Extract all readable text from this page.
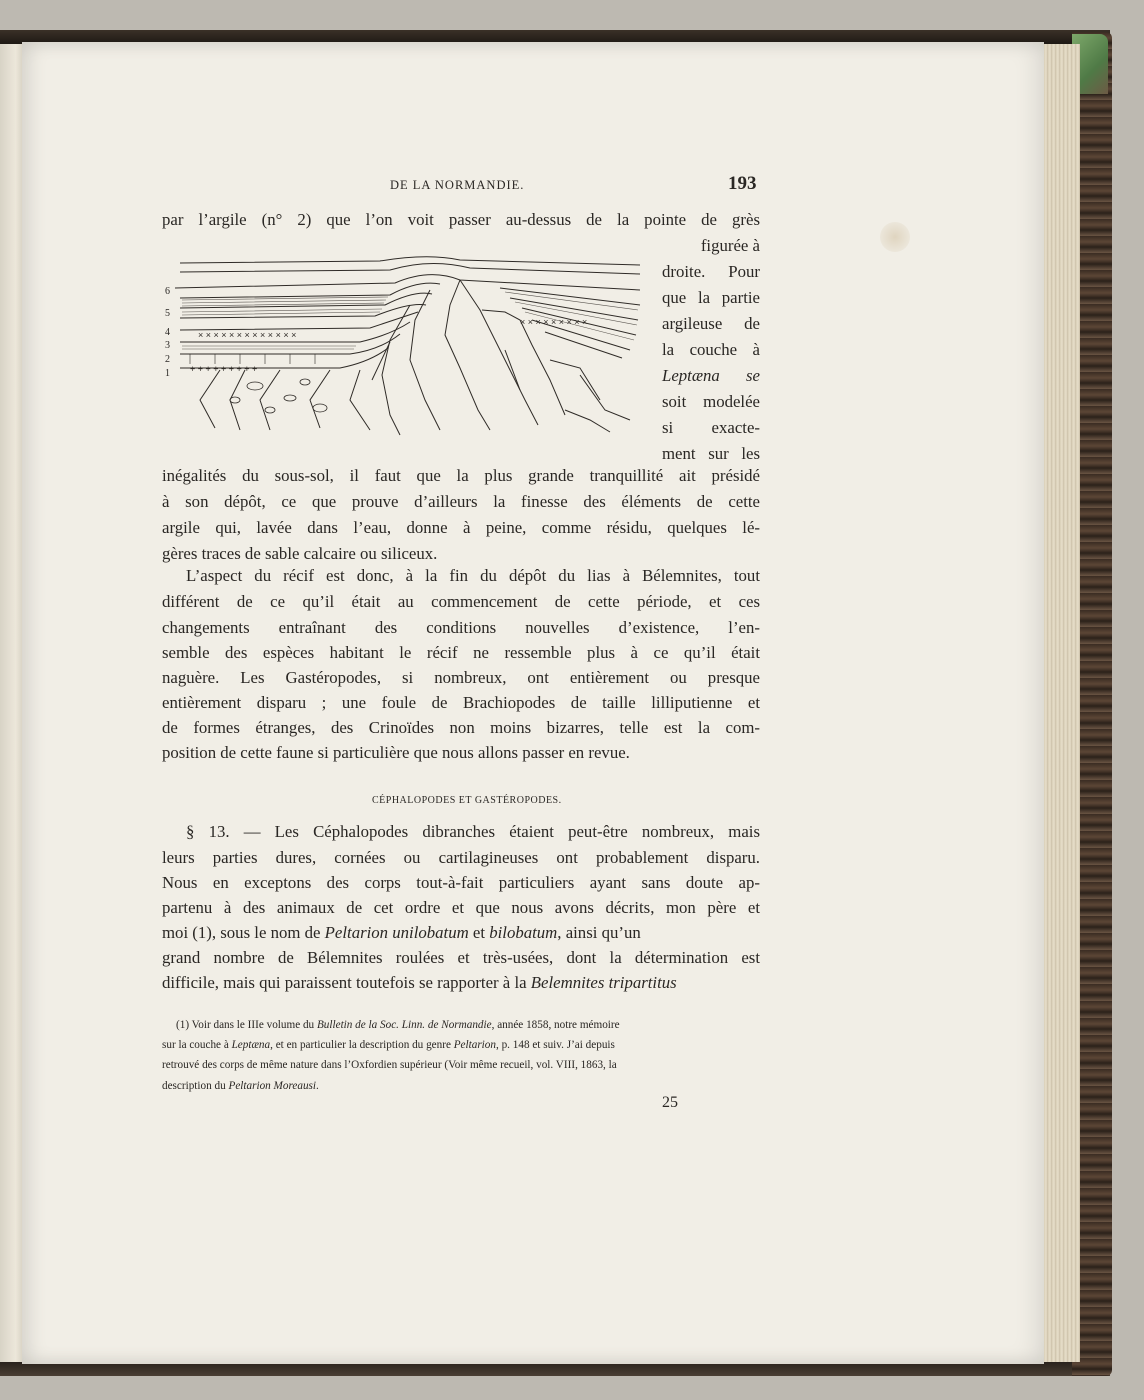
DE LA NORMANDIE.	193
par l’argile (n° 2) que l’on voit passer au-dessus de la pointe de grès
× × × × × × × × × × × × ×
× × × × × × × × ×
+ + + + + + + + +
6
5
4
3
2
1
figurée à
droite. Pour
que la partie
argileuse de
la couche à
Leptæna se
soit modelée
si exacte-
ment sur les
inégalités du sous-sol, il faut que la plus grande tranquillité ait présidé
à son dépôt, ce que prouve d’ailleurs la finesse des éléments de cette
argile qui, lavée dans l’eau, donne à peine, comme résidu, quelques lé-
gères traces de sable calcaire ou siliceux.
L’aspect du récif est donc, à la fin du dépôt du lias à Bélemnites, tout
différent de ce qu’il était au commencement de cette période, et ces
changements entraînant des conditions nouvelles d’existence, l’en-
semble des espèces habitant le récif ne ressemble plus à ce qu’il était
naguère. Les Gastéropodes, si nombreux, ont entièrement ou presque
entièrement disparu ; une foule de Brachiopodes de taille lilliputienne et
de formes étranges, des Crinoïdes non moins bizarres, telle est la com-
position de cette faune si particulière que nous allons passer en revue.
CÉPHALOPODES ET GASTÉROPODES.
§ 13. — Les Céphalopodes dibranches étaient peut-être nombreux, mais
leurs parties dures, cornées ou cartilagineuses ont probablement disparu.
Nous en exceptons des corps tout-à-fait particuliers ayant sans doute ap-
partenu à des animaux de cet ordre et que nous avons décrits, mon père et
moi (1), sous le nom de Peltarion unilobatum et bilobatum, ainsi qu’un
grand nombre de Bélemnites roulées et très-usées, dont la détermination est
difficile, mais qui paraissent toutefois se rapporter à la Belemnites tripartitus
(1) Voir dans le IIIe volume du Bulletin de la Soc. Linn. de Normandie, année 1858, notre mémoire
sur la couche à Leptæna, et en particulier la description du genre Peltarion, p. 148 et suiv. J’ai depuis
retrouvé des corps de même nature dans l’Oxfordien supérieur (Voir même recueil, vol. VIII, 1863, la
description du Peltarion Moreausi.
25
